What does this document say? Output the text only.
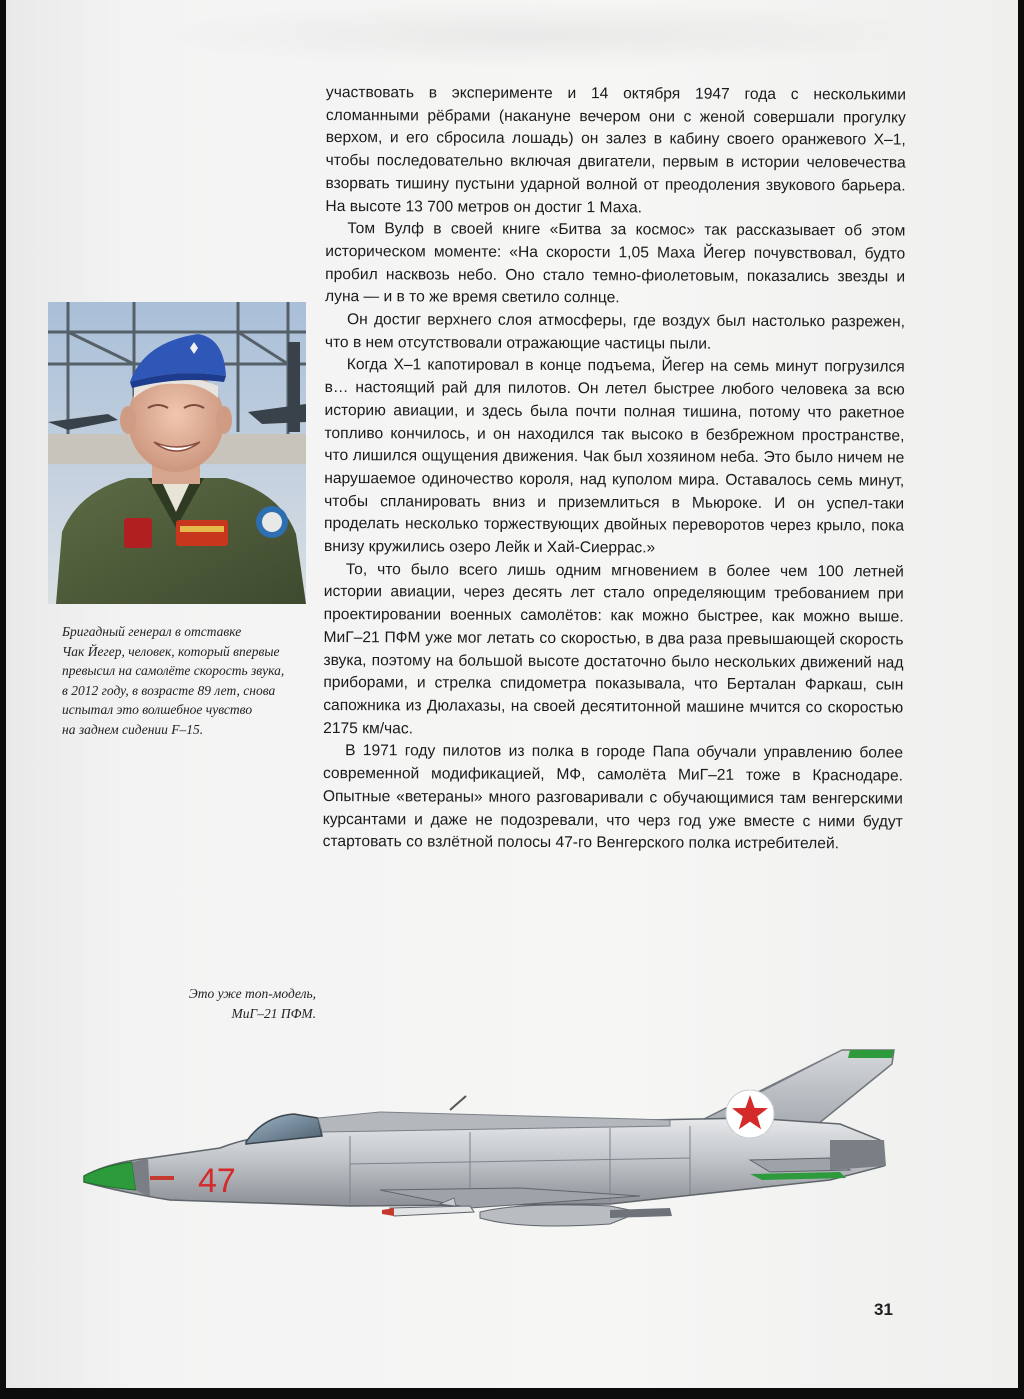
участвовать в эксперименте и 14 октября 1947 года с несколькими сломанными рёбрами (накануне вечером они с женой совершали прогулку верхом, и его сбросила лошадь) он залез в кабину своего оранжевого X–1, чтобы последовательно включая двигатели, первым в истории человечества взорвать тишину пустыни ударной волной от преодоления звукового барьера. На высоте 13 700 метров он достиг 1 Маха.

Том Вулф в своей книге «Битва за космос» так рассказывает об этом историческом моменте: «На скорости 1,05 Маха Йегер почувствовал, будто пробил насквозь небо. Оно стало темно-фиолетовым, показались звезды и луна — и в то же время светило солнце.

Он достиг верхнего слоя атмосферы, где воздух был настолько разрежен, что в нем отсутствовали отражающие частицы пыли.

Когда X–1 капотировал в конце подъема, Йегер на семь минут погрузился в… настоящий рай для пилотов. Он летел быстрее любого человека за всю историю авиации, и здесь была почти полная тишина, потому что ракетное топливо кончилось, и он находился так высоко в безбрежном пространстве, что лишился ощущения движения. Чак был хозяином неба. Это было ничем не нарушаемое одиночество короля, над куполом мира. Оставалось семь минут, чтобы спланировать вниз и приземлиться в Мьюроке. И он успел-таки проделать несколько торжествующих двойных переворотов через крыло, пока внизу кружились озеро Лейк и Хай-Сиеррас.»

То, что было всего лишь одним мгновением в более чем 100 летней истории авиации, через десять лет стало определяющим требованием при проектировании военных самолётов: как можно быстрее, как можно выше. МиГ–21 ПФМ уже мог летать со скоростью, в два раза превышающей скорость звука, поэтому на большой высоте достаточно было нескольких движений над приборами, и стрелка спидометра показывала, что Берталан Фаркаш, сын сапожника из Дюлахазы, на своей десятитонной машине мчится со скоростью 2175 км/час.

В 1971 году пилотов из полка в городе Папа обучали управлению более современной модификацией, МФ, самолёта МиГ–21 тоже в Краснодаре. Опытные «ветераны» много разговаривали с обучающимися там венгерскими курсантами и даже не подозревали, что черз год уже вместе с ними будут стартовать со взлётной полосы 47-го Венгерского полка истребителей.

Бригадный генерал в отставке
Чак Йегер, человек, который впервые
превысил на самолёте скорость звука,
в 2012 году, в возрасте 89 лет, снова
испытал это волшебное чувство
на заднем сидении F–15.
Это уже топ-модель,
МиГ–21 ПФМ.
47
31
